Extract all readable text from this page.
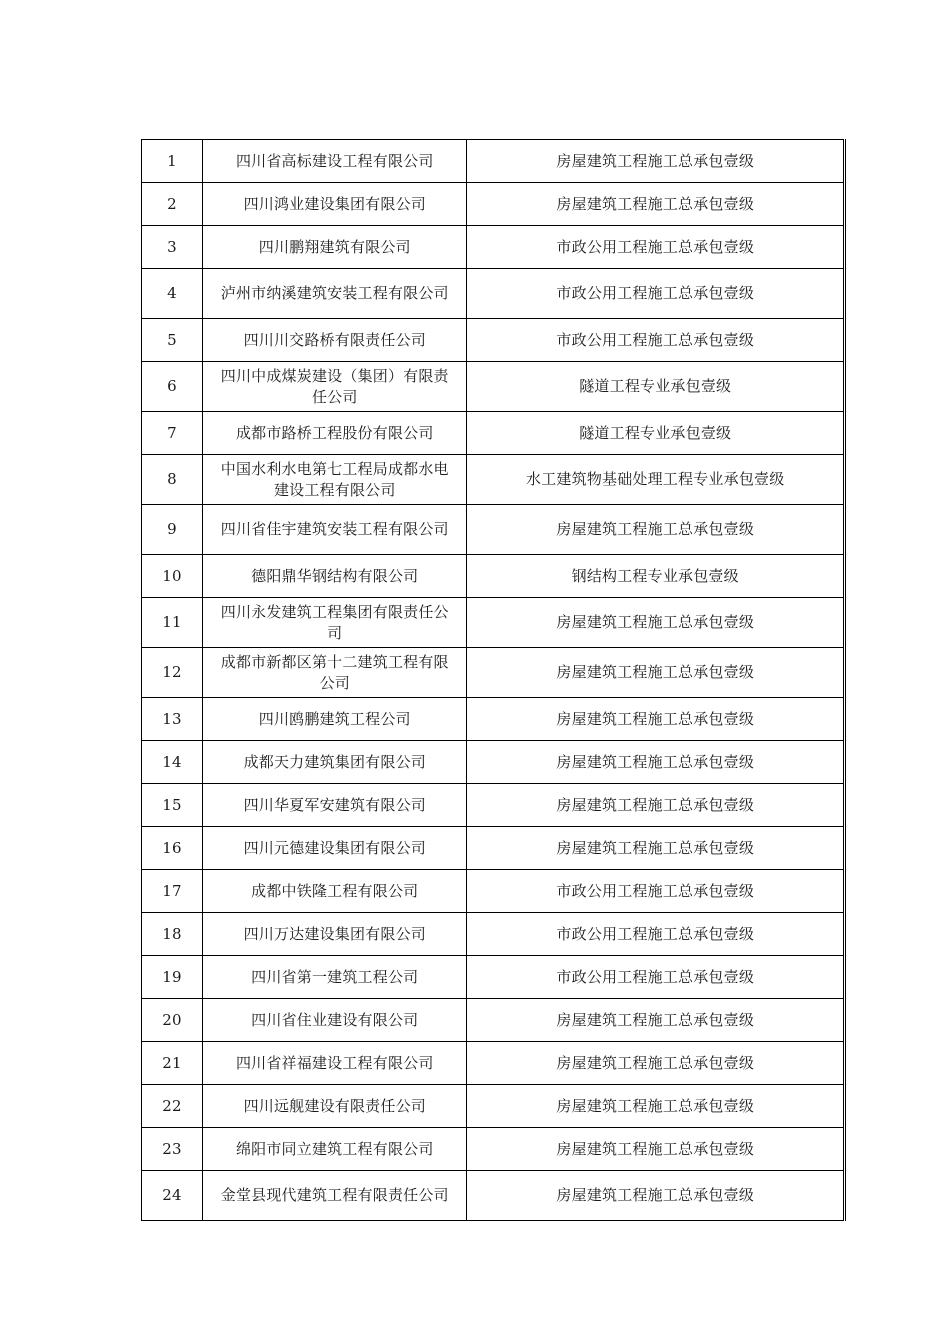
1	四川省高标建设工程有限公司	房屋建筑工程施工总承包壹级
2	四川鸿业建设集团有限公司	房屋建筑工程施工总承包壹级
3	四川鹏翔建筑有限公司	市政公用工程施工总承包壹级
4	泸州市纳溪建筑安装工程有限公司	市政公用工程施工总承包壹级
5	四川川交路桥有限责任公司	市政公用工程施工总承包壹级
6	四川中成煤炭建设（集团）有限责任公司	隧道工程专业承包壹级
7	成都市路桥工程股份有限公司	隧道工程专业承包壹级
8	中国水利水电第七工程局成都水电建设工程有限公司	水工建筑物基础处理工程专业承包壹级
9	四川省佳宇建筑安装工程有限公司	房屋建筑工程施工总承包壹级
10	德阳鼎华钢结构有限公司	钢结构工程专业承包壹级
11	四川永发建筑工程集团有限责任公司	房屋建筑工程施工总承包壹级
12	成都市新都区第十二建筑工程有限公司	房屋建筑工程施工总承包壹级
13	四川鸥鹏建筑工程公司	房屋建筑工程施工总承包壹级
14	成都天力建筑集团有限公司	房屋建筑工程施工总承包壹级
15	四川华夏军安建筑有限公司	房屋建筑工程施工总承包壹级
16	四川元德建设集团有限公司	房屋建筑工程施工总承包壹级
17	成都中铁隆工程有限公司	市政公用工程施工总承包壹级
18	四川万达建设集团有限公司	市政公用工程施工总承包壹级
19	四川省第一建筑工程公司	市政公用工程施工总承包壹级
20	四川省住业建设有限公司	房屋建筑工程施工总承包壹级
21	四川省祥福建设工程有限公司	房屋建筑工程施工总承包壹级
22	四川远舰建设有限责任公司	房屋建筑工程施工总承包壹级
23	绵阳市同立建筑工程有限公司	房屋建筑工程施工总承包壹级
24	金堂县现代建筑工程有限责任公司	房屋建筑工程施工总承包壹级
